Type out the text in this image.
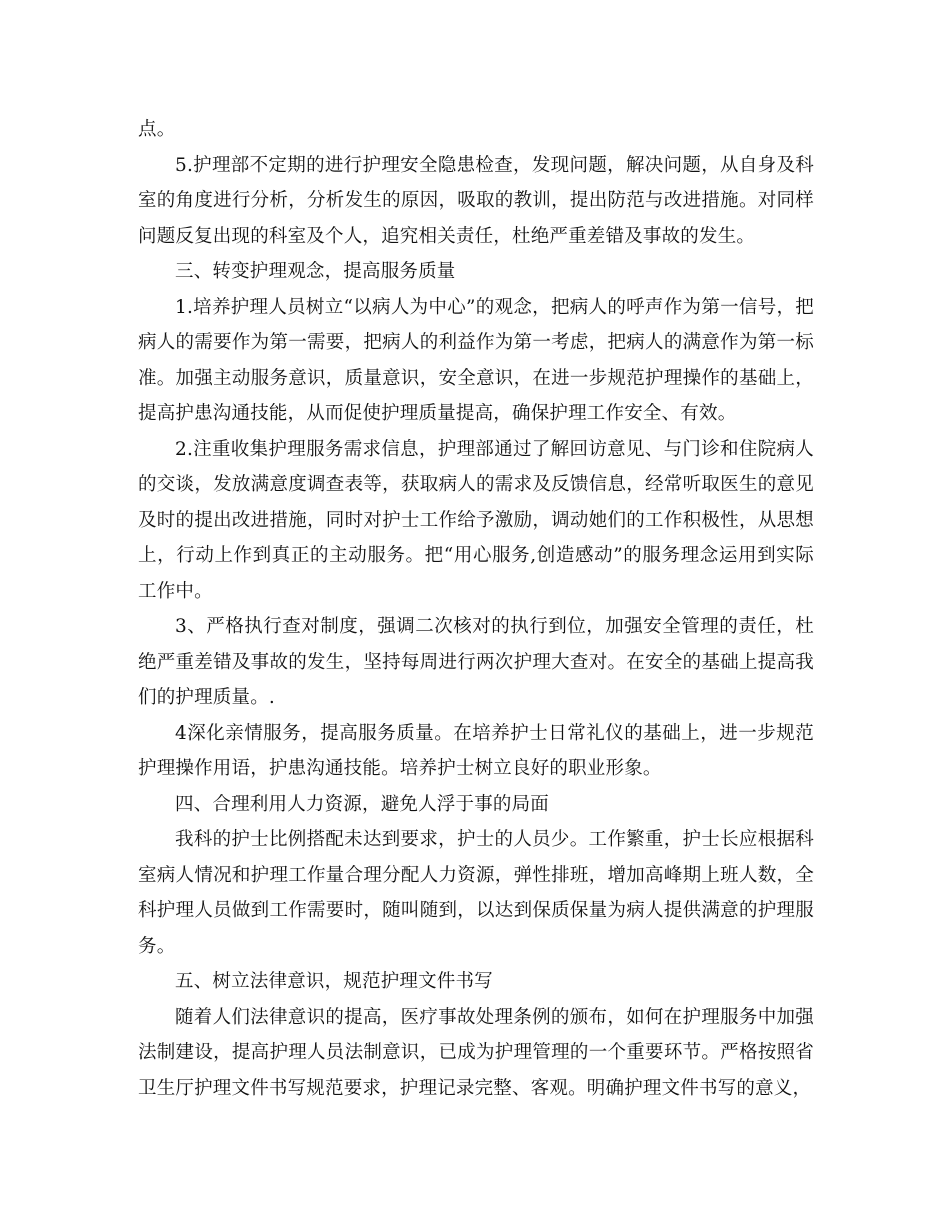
点。

5.护理部不定期的进行护理安全隐患检查，发现问题，解决问题，从自身及科室的角度进行分析，分析发生的原因，吸取的教训，提出防范与改进措施。对同样问题反复出现的科室及个人，追究相关责任，杜绝严重差错及事故的发生。

三、转变护理观念，提高服务质量

1.培养护理人员树立“以病人为中心”的观念，把病人的呼声作为第一信号，把病人的需要作为第一需要，把病人的利益作为第一考虑，把病人的满意作为第一标准。加强主动服务意识，质量意识，安全意识，在进一步规范护理操作的基础上，提高护患沟通技能，从而促使护理质量提高，确保护理工作安全、有效。

2.注重收集护理服务需求信息，护理部通过了解回访意见、与门诊和住院病人的交谈，发放满意度调查表等，获取病人的需求及反馈信息，经常听取医生的意见及时的提出改进措施，同时对护士工作给予激励，调动她们的工作积极性，从思想上，行动上作到真正的主动服务。把“用心服务,创造感动”的服务理念运用到实际工作中。

3、严格执行查对制度，强调二次核对的执行到位，加强安全管理的责任，杜绝严重差错及事故的发生，坚持每周进行两次护理大查对。在安全的基础上提高我们的护理质量。.

4深化亲情服务，提高服务质量。在培养护士日常礼仪的基础上，进一步规范护理操作用语，护患沟通技能。培养护士树立良好的职业形象。

四、合理利用人力资源，避免人浮于事的局面

我科的护士比例搭配未达到要求，护士的人员少。工作繁重，护士长应根据科室病人情况和护理工作量合理分配人力资源，弹性排班，增加高峰期上班人数，全科护理人员做到工作需要时，随叫随到，以达到保质保量为病人提供满意的护理服务。

五、树立法律意识，规范护理文件书写

随着人们法律意识的提高，医疗事故处理条例的颁布，如何在护理服务中加强法制建设，提高护理人员法制意识，已成为护理管理的一个重要环节。严格按照省卫生厅护理文件书写规范要求，护理记录完整、客观。明确护理文件书写的意义，
